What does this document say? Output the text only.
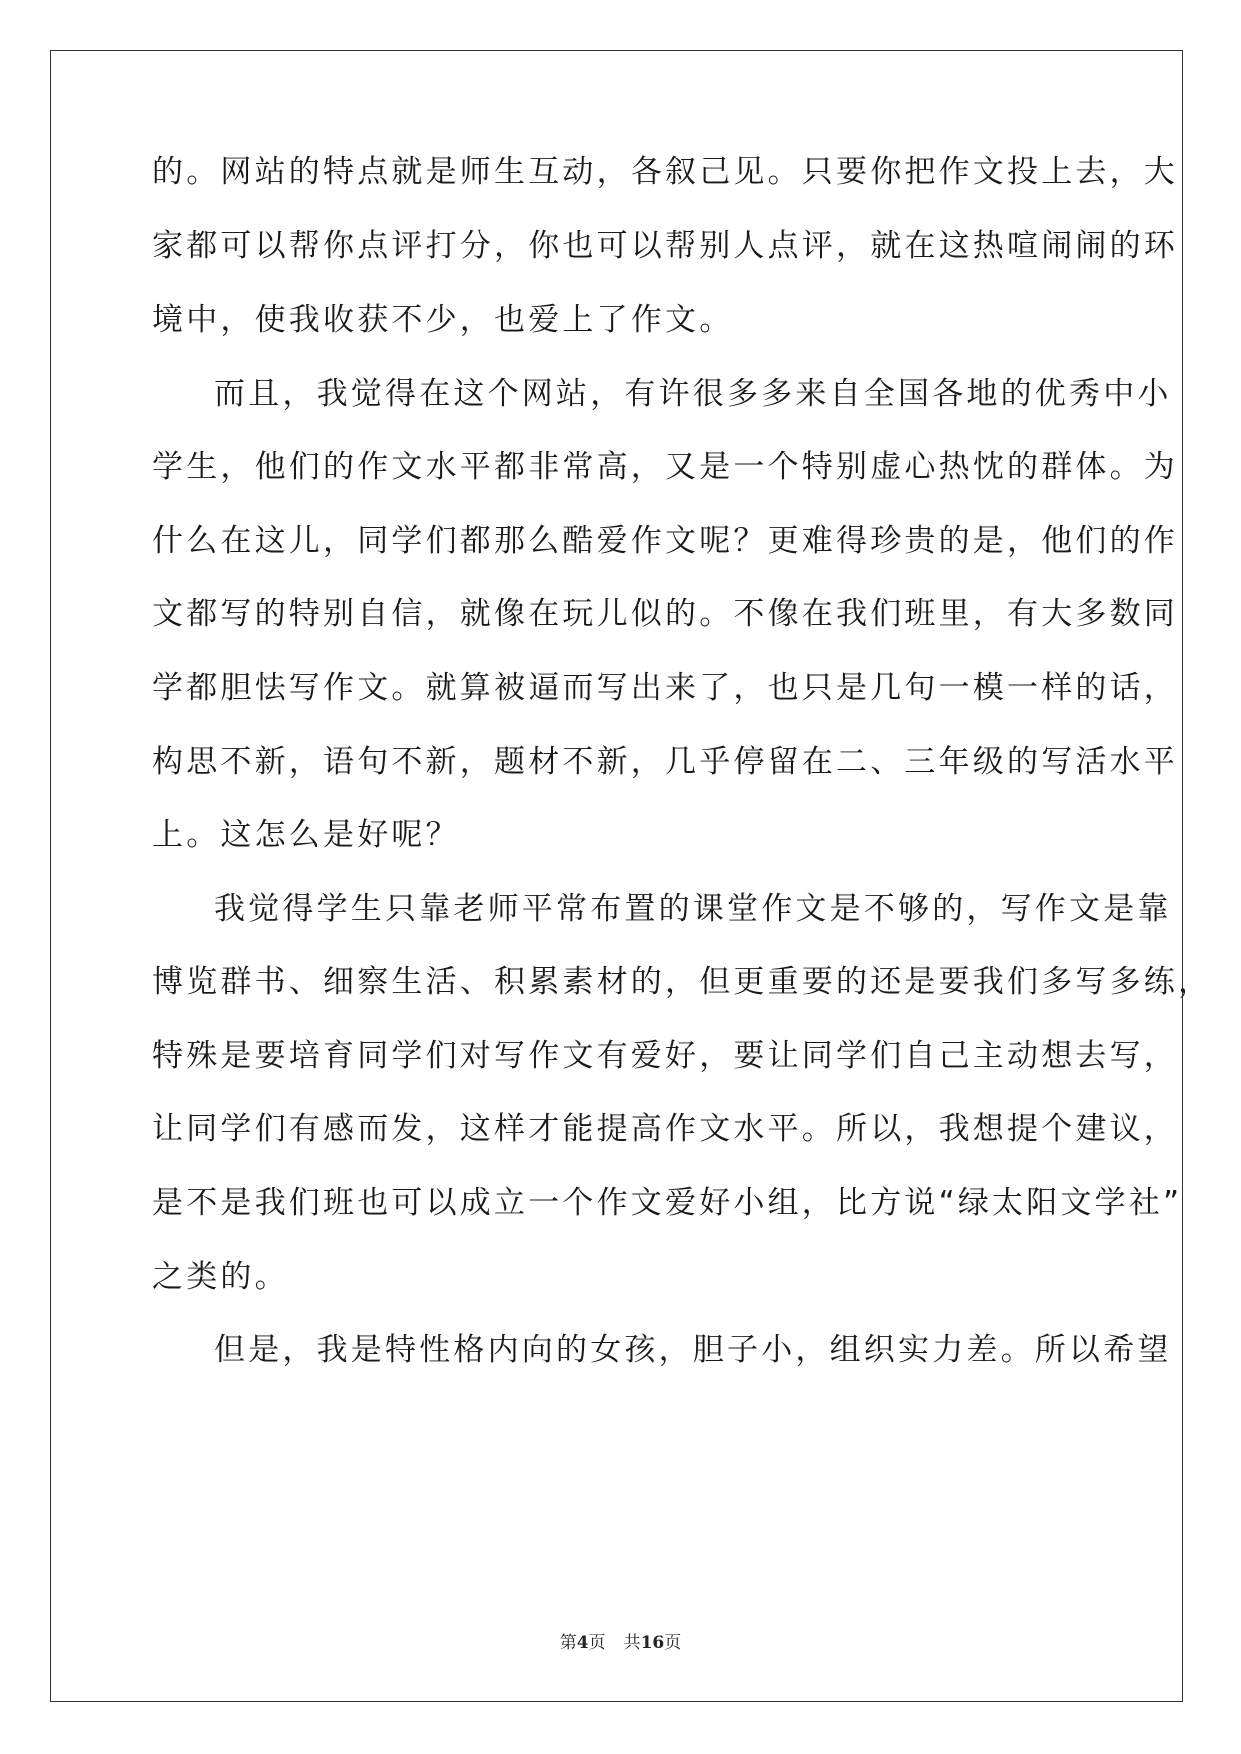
的。网站的特点就是师生互动，各叙己见。只要你把作文投上去，大
家都可以帮你点评打分，你也可以帮别人点评，就在这热喧闹闹的环
境中，使我收获不少，也爱上了作文。
而且，我觉得在这个网站，有许很多多来自全国各地的优秀中小
学生，他们的作文水平都非常高，又是一个特别虚心热忱的群体。为
什么在这儿，同学们都那么酷爱作文呢？更难得珍贵的是，他们的作
文都写的特别自信，就像在玩儿似的。不像在我们班里，有大多数同
学都胆怯写作文。就算被逼而写出来了，也只是几句一模一样的话，
构思不新，语句不新，题材不新，几乎停留在二、三年级的写活水平
上。这怎么是好呢？
我觉得学生只靠老师平常布置的课堂作文是不够的，写作文是靠
博览群书、细察生活、积累素材的，但更重要的还是要我们多写多练，
特殊是要培育同学们对写作文有爱好，要让同学们自己主动想去写，
让同学们有感而发，这样才能提高作文水平。所以，我想提个建议，
是不是我们班也可以成立一个作文爱好小组，比方说“绿太阳文学社”
之类的。
但是，我是特性格内向的女孩，胆子小，组织实力差。所以希望
第4页 共16页
